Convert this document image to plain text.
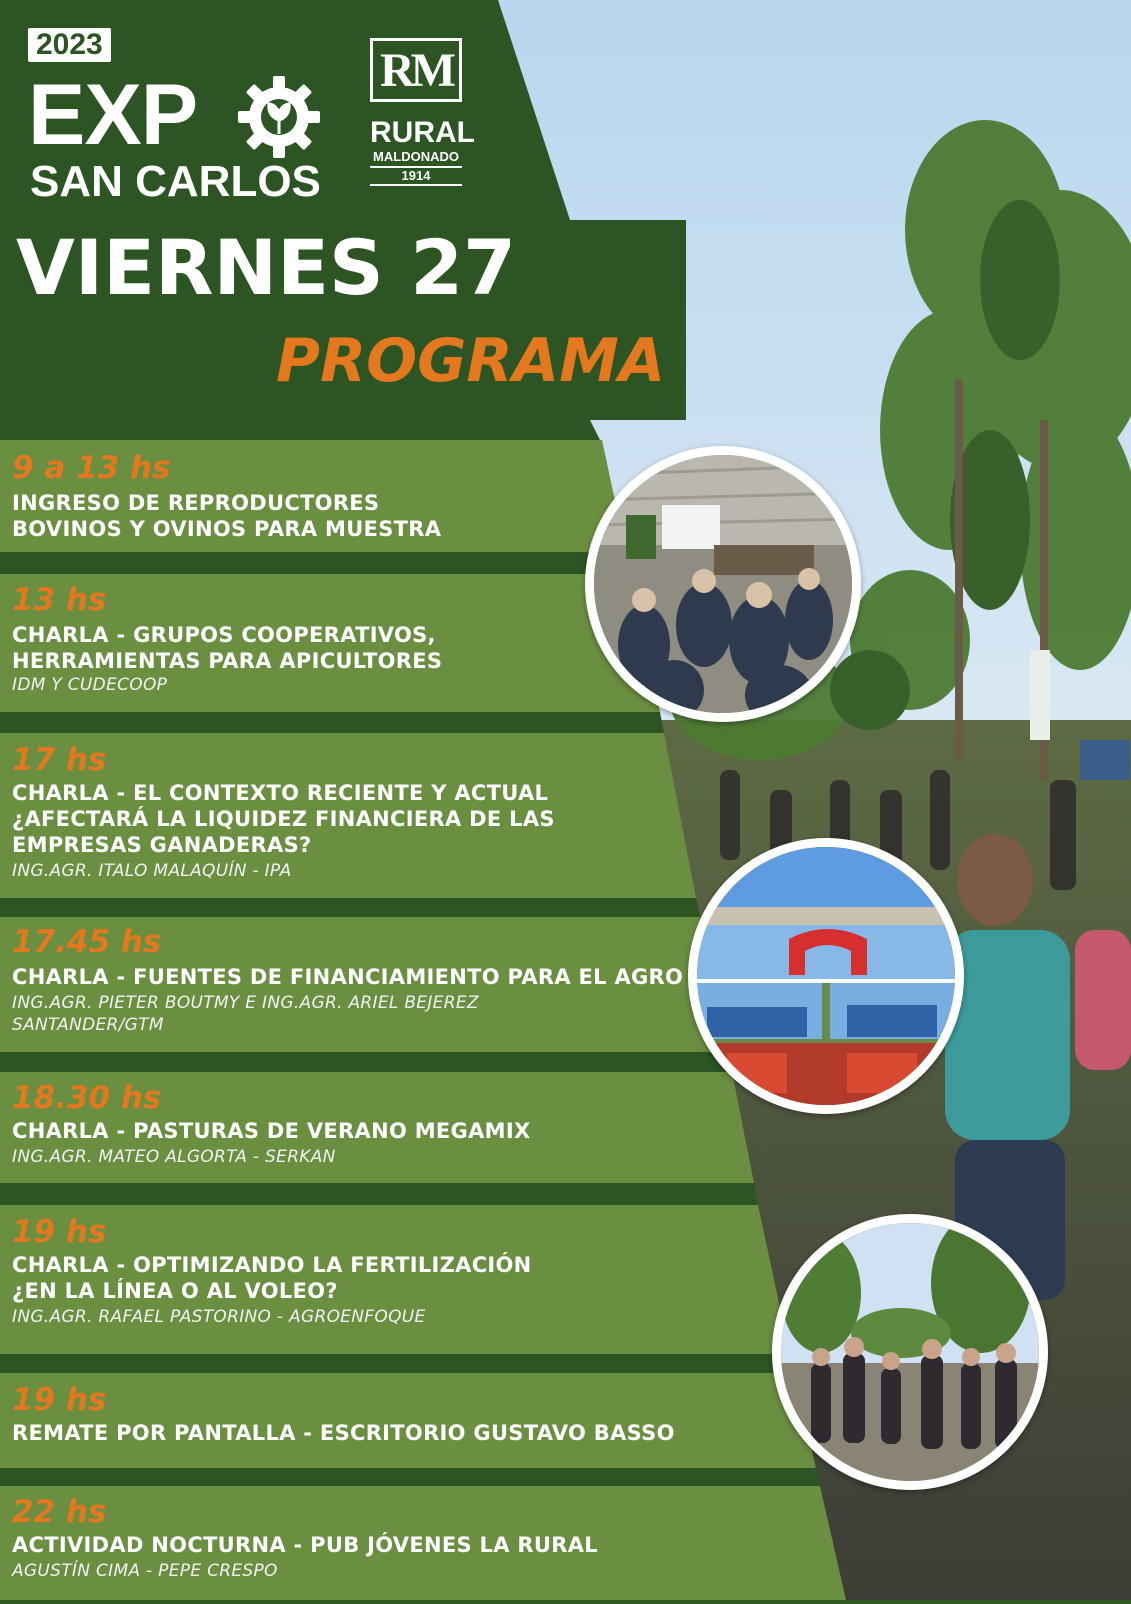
2023
EXP
SAN CARLOS
RM
RURAL
MALDONADO
1914
VIERNES 27
PROGRAMA
9 a 13 hs
INGRESO DE REPRODUCTORES
BOVINOS Y OVINOS PARA MUESTRA
13 hs
CHARLA - GRUPOS COOPERATIVOS,
HERRAMIENTAS PARA APICULTORES
IDM Y CUDECOOP
17 hs
CHARLA - EL CONTEXTO RECIENTE Y ACTUAL
¿AFECTARÁ LA LIQUIDEZ FINANCIERA DE LAS
EMPRESAS GANADERAS?
ING.AGR. ITALO MALAQUÍN - IPA
17.45 hs
CHARLA - FUENTES DE FINANCIAMIENTO PARA EL AGRO
ING.AGR. PIETER BOUTMY E ING.AGR. ARIEL BEJEREZ
SANTANDER/GTM
18.30 hs
CHARLA - PASTURAS DE VERANO MEGAMIX
ING.AGR. MATEO ALGORTA - SERKAN
19 hs
CHARLA - OPTIMIZANDO LA FERTILIZACIÓN
¿EN LA LÍNEA O AL VOLEO?
ING.AGR. RAFAEL PASTORINO - AGROENFOQUE
19 hs
REMATE POR PANTALLA - ESCRITORIO GUSTAVO BASSO
22 hs
ACTIVIDAD NOCTURNA - PUB JÓVENES LA RURAL
AGUSTÍN CIMA - PEPE CRESPO
